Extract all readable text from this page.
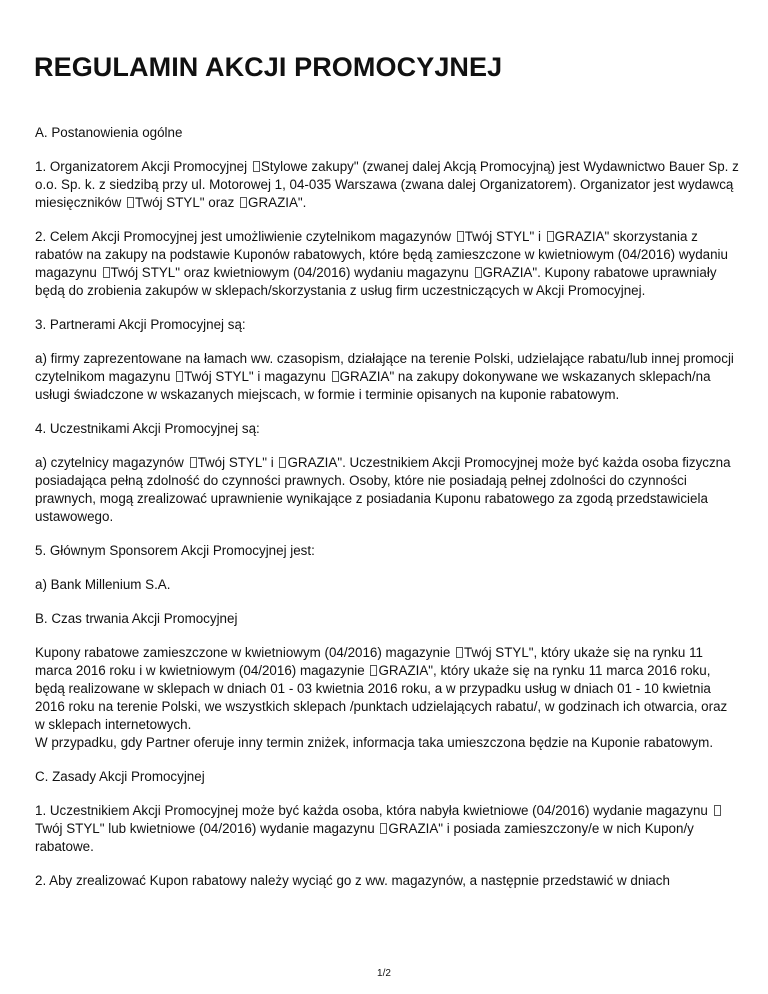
REGULAMIN AKCJI PROMOCYJNEJ

A. Postanowienia ogólne

1. Organizatorem Akcji Promocyjnej Stylowe zakupy" (zwanej dalej Akcją Promocyjną) jest Wydawnictwo Bauer Sp. z o.o. Sp. k. z siedzibą przy ul. Motorowej 1, 04-035 Warszawa (zwana dalej Organizatorem). Organizator jest wydawcą miesięczników Twój STYL" oraz GRAZIA".

2. Celem Akcji Promocyjnej jest umożliwienie czytelnikom magazynów Twój STYL" i GRAZIA" skorzystania z rabatów na zakupy na podstawie Kuponów rabatowych, które będą zamieszczone w kwietniowym (04/2016) wydaniu magazynu Twój STYL" oraz kwietniowym (04/2016) wydaniu magazynu GRAZIA". Kupony rabatowe uprawniały będą do zrobienia zakupów w sklepach/skorzystania z usług firm uczestniczących w Akcji Promocyjnej.

3. Partnerami Akcji Promocyjnej są:

a) firmy zaprezentowane na łamach ww. czasopism, działające na terenie Polski, udzielające rabatu/lub innej promocji czytelnikom magazynu Twój STYL" i magazynu GRAZIA" na zakupy dokonywane we wskazanych sklepach/na usługi świadczone w wskazanych miejscach, w formie i terminie opisanych na kuponie rabatowym.

4. Uczestnikami Akcji Promocyjnej są:

a) czytelnicy magazynów Twój STYL" i GRAZIA". Uczestnikiem Akcji Promocyjnej może być każda osoba fizyczna posiadająca pełną zdolność do czynności prawnych. Osoby, które nie posiadają pełnej zdolności do czynności prawnych, mogą zrealizować uprawnienie wynikające z posiadania Kuponu rabatowego za zgodą przedstawiciela ustawowego.

5. Głównym Sponsorem Akcji Promocyjnej jest:

a) Bank Millenium S.A.

B. Czas trwania Akcji Promocyjnej

Kupony rabatowe zamieszczone w kwietniowym (04/2016) magazynie Twój STYL", który ukaże się na rynku 11 marca 2016 roku i w kwietniowym (04/2016) magazynie GRAZIA", który ukaże się na rynku 11 marca 2016 roku, będą realizowane w sklepach w dniach 01 - 03 kwietnia 2016 roku, a w przypadku usług w dniach 01 - 10 kwietnia 2016 roku na terenie Polski, we wszystkich sklepach /punktach udzielających rabatu/, w godzinach ich otwarcia, oraz w sklepach internetowych.
W przypadku, gdy Partner oferuje inny termin zniżek, informacja taka umieszczona będzie na Kuponie rabatowym.

C. Zasady Akcji Promocyjnej

1. Uczestnikiem Akcji Promocyjnej może być każda osoba, która nabyła kwietniowe (04/2016) wydanie magazynu Twój STYL" lub kwietniowe (04/2016) wydanie magazynu GRAZIA" i posiada zamieszczony/e w nich Kupon/y rabatowe.

2. Aby zrealizować Kupon rabatowy należy wyciąć go z ww. magazynów, a następnie przedstawić w dniach

1/2
